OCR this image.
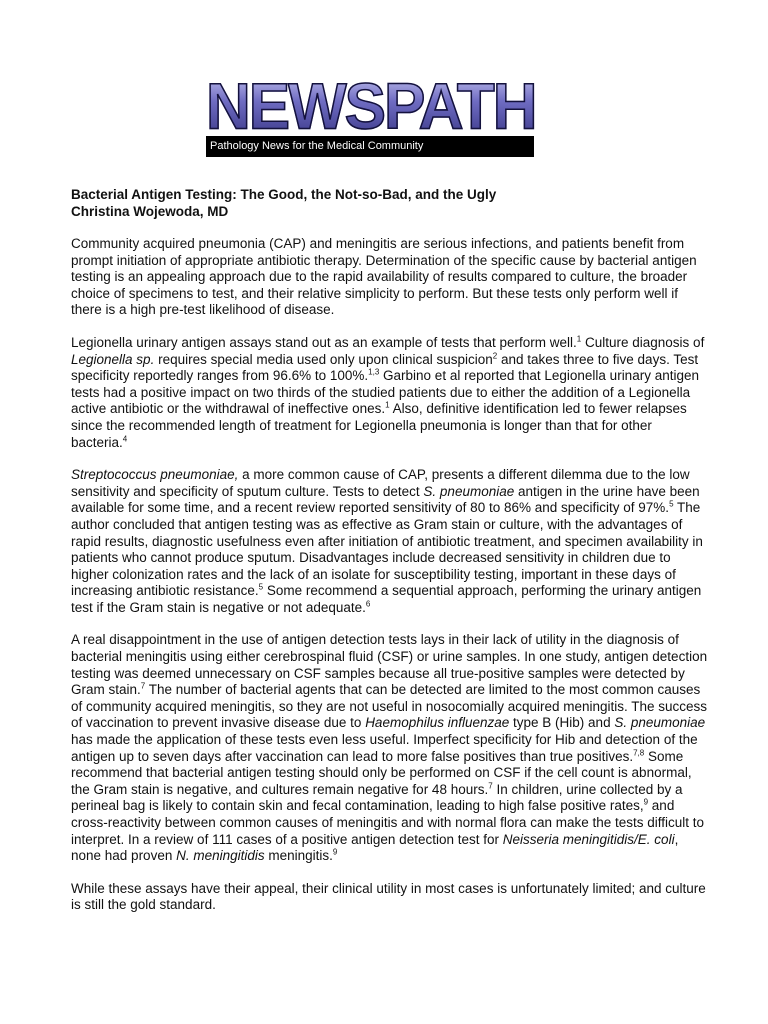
NEWSPATH
Pathology News for the Medical Community
Bacterial Antigen Testing: The Good, the Not-so-Bad, and the Ugly
Christina Wojewoda, MD

Community acquired pneumonia (CAP) and meningitis are serious infections, and patients benefit from prompt initiation of appropriate antibiotic therapy. Determination of the specific cause by bacterial antigen testing is an appealing approach due to the rapid availability of results compared to culture, the broader choice of specimens to test, and their relative simplicity to perform. But these tests only perform well if there is a high pre-test likelihood of disease.

Legionella urinary antigen assays stand out as an example of tests that perform well.$^1$ Culture diagnosis of Legionella sp. requires special media used only upon clinical suspicion$^2$ and takes three to five days. Test specificity reportedly ranges from 96.6% to 100%.$^{1,3}$ Garbino et al reported that Legionella urinary antigen tests had a positive impact on two thirds of the studied patients due to either the addition of a Legionella active antibiotic or the withdrawal of ineffective ones.$^1$ Also, definitive identification led to fewer relapses since the recommended length of treatment for Legionella pneumonia is longer than that for other bacteria.$^4$

Streptococcus pneumoniae, a more common cause of CAP, presents a different dilemma due to the low sensitivity and specificity of sputum culture. Tests to detect S. pneumoniae antigen in the urine have been available for some time, and a recent review reported sensitivity of 80 to 86% and specificity of 97%.$^5$ The author concluded that antigen testing was as effective as Gram stain or culture, with the advantages of rapid results, diagnostic usefulness even after initiation of antibiotic treatment, and specimen availability in patients who cannot produce sputum. Disadvantages include decreased sensitivity in children due to higher colonization rates and the lack of an isolate for susceptibility testing, important in these days of increasing antibiotic resistance.$^5$ Some recommend a sequential approach, performing the urinary antigen test if the Gram stain is negative or not adequate.$^6$

A real disappointment in the use of antigen detection tests lays in their lack of utility in the diagnosis of bacterial meningitis using either cerebrospinal fluid (CSF) or urine samples. In one study, antigen detection testing was deemed unnecessary on CSF samples because all true-positive samples were detected by Gram stain.$^7$ The number of bacterial agents that can be detected are limited to the most common causes of community acquired meningitis, so they are not useful in nosocomially acquired meningitis. The success of vaccination to prevent invasive disease due to Haemophilus influenzae type B (Hib) and S. pneumoniae has made the application of these tests even less useful. Imperfect specificity for Hib and detection of the antigen up to seven days after vaccination can lead to more false positives than true positives.$^{7,8}$ Some recommend that bacterial antigen testing should only be performed on CSF if the cell count is abnormal, the Gram stain is negative, and cultures remain negative for 48 hours.$^7$ In children, urine collected by a perineal bag is likely to contain skin and fecal contamination, leading to high false positive rates,$^9$ and cross-reactivity between common causes of meningitis and with normal flora can make the tests difficult to interpret. In a review of 111 cases of a positive antigen detection test for Neisseria meningitidis/E. coli, none had proven N. meningitidis meningitis.$^9$

While these assays have their appeal, their clinical utility in most cases is unfortunately limited; and culture is still the gold standard.
